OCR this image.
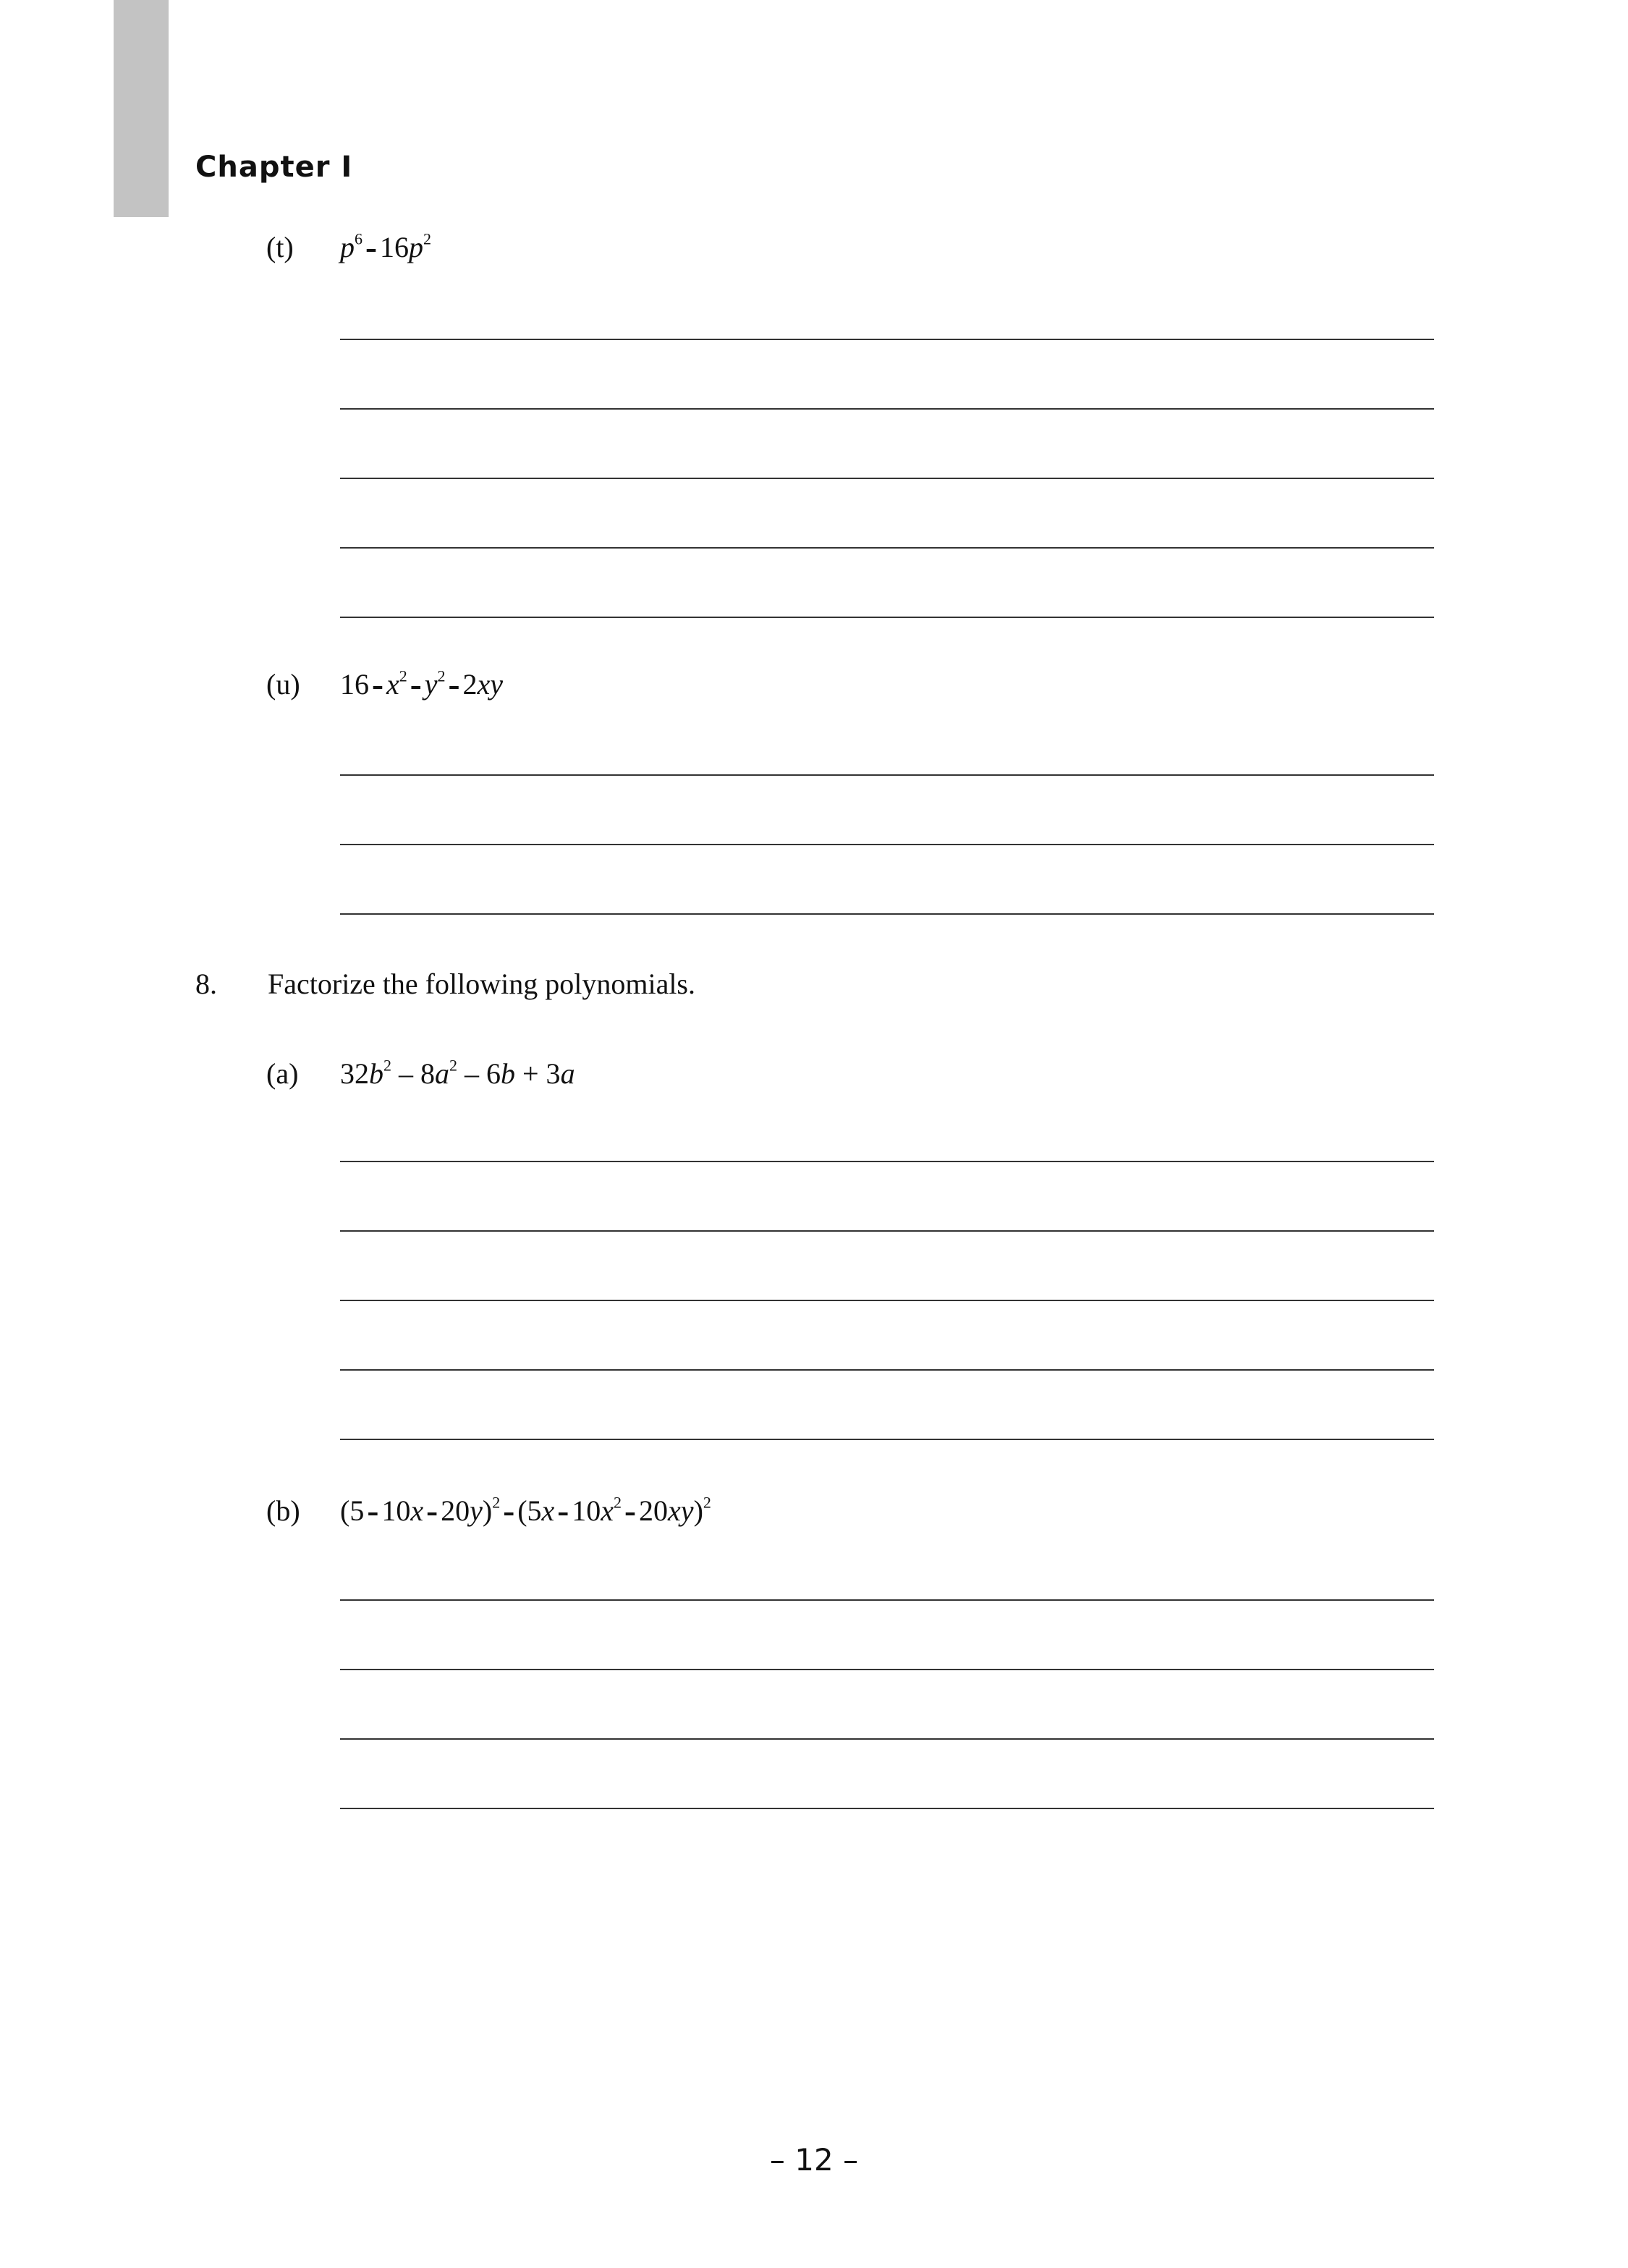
Chapter I
(t) $p^6 - 16p^2$
(u) $16 - x^2 - y^2 - 2xy$
8. Factorize the following polynomials.
(a) $32b^2 - 8a^2 - 6b + 3a$
(b) $(5 - 10x - 20y)^2 - (5x - 10x^2 - 20xy)^2$
– 12 –
